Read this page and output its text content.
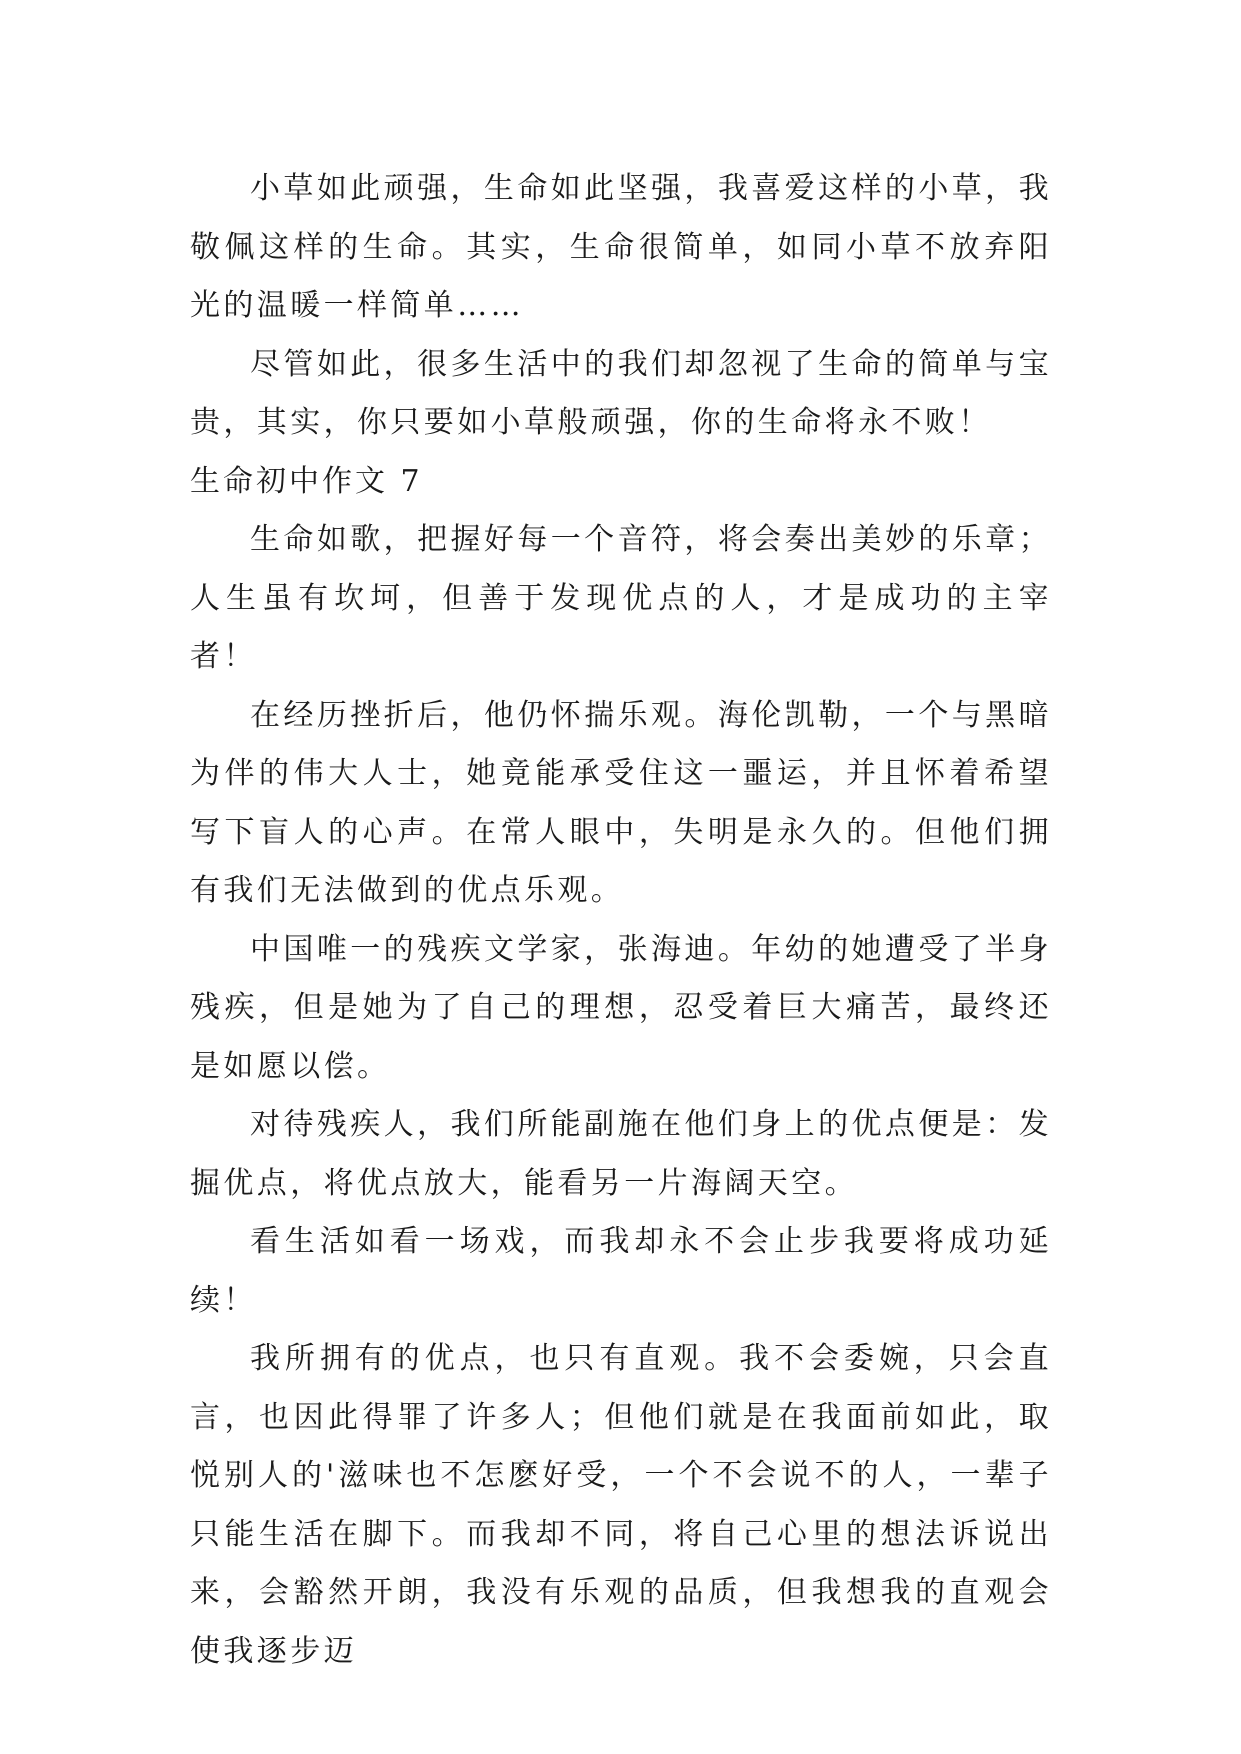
小草如此顽强，生命如此坚强，我喜爱这样的小草，我敬佩这样的生命。其实，生命很简单，如同小草不放弃阳光的温暖一样简单……

尽管如此，很多生活中的我们却忽视了生命的简单与宝贵，其实，你只要如小草般顽强，你的生命将永不败！

生命初中作文 7

生命如歌，把握好每一个音符，将会奏出美妙的乐章；人生虽有坎坷，但善于发现优点的人，才是成功的主宰者！

在经历挫折后，他仍怀揣乐观。海伦凯勒，一个与黑暗为伴的伟大人士，她竟能承受住这一噩运，并且怀着希望写下盲人的心声。在常人眼中，失明是永久的。但他们拥有我们无法做到的优点乐观。

中国唯一的残疾文学家，张海迪。年幼的她遭受了半身残疾，但是她为了自己的理想，忍受着巨大痛苦，最终还是如愿以偿。

对待残疾人，我们所能副施在他们身上的优点便是：发掘优点，将优点放大，能看另一片海阔天空。

看生活如看一场戏，而我却永不会止步我要将成功延续！

我所拥有的优点，也只有直观。我不会委婉，只会直言，也因此得罪了许多人；但他们就是在我面前如此，取悦别人的'滋味也不怎麽好受，一个不会说不的人，一辈子只能生活在脚下。而我却不同，将自己心里的想法诉说出来，会豁然开朗，我没有乐观的品质，但我想我的直观会使我逐步迈
